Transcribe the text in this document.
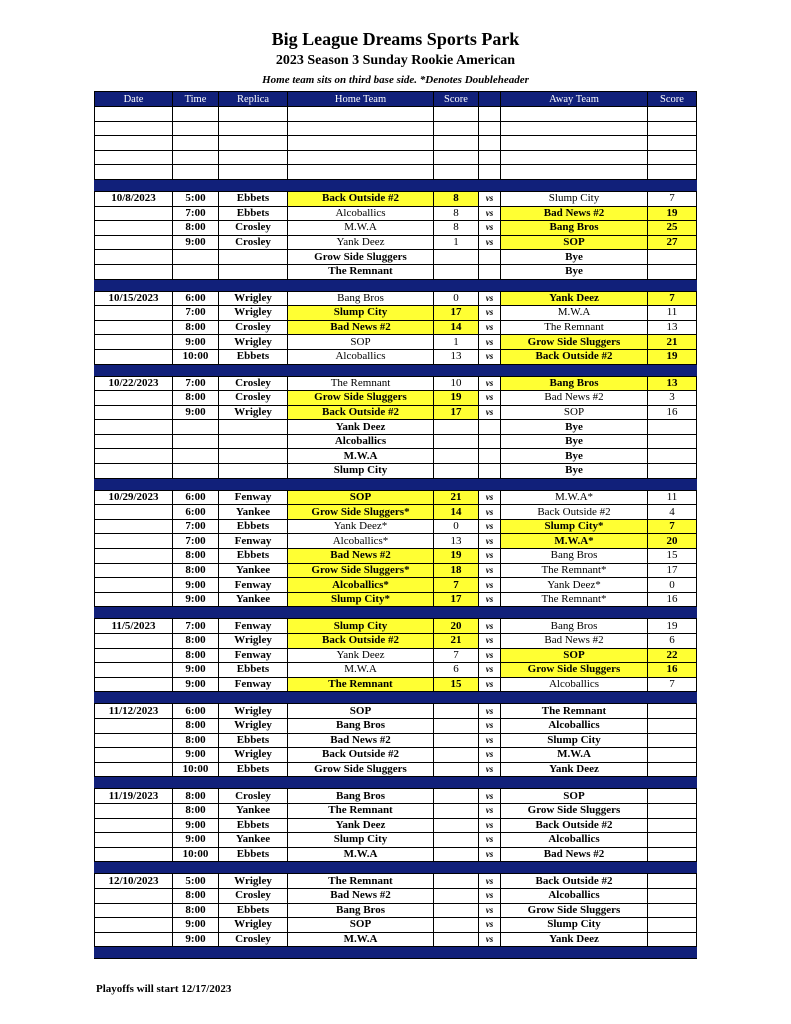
Big League Dreams Sports Park
2023 Season 3 Sunday Rookie American
Home team sits on third base side. *Denotes Doubleheader
Date	Time	Replica	Home Team	Score		Away Team	Score

10/8/2023	5:00	Ebbets	Back Outside #2	8	vs	Slump City	7
	7:00	Ebbets	Alcoballics	8	vs	Bad News #2	19
	8:00	Crosley	M.W.A	8	vs	Bang Bros	25
	9:00	Crosley	Yank Deez	1	vs	SOP	27
			Grow Side Sluggers			Bye	
			The Remnant			Bye	

10/15/2023	6:00	Wrigley	Bang Bros	0	vs	Yank Deez	7
	7:00	Wrigley	Slump City	17	vs	M.W.A	11
	8:00	Crosley	Bad News #2	14	vs	The Remnant	13
	9:00	Wrigley	SOP	1	vs	Grow Side Sluggers	21
	10:00	Ebbets	Alcoballics	13	vs	Back Outside #2	19

10/22/2023	7:00	Crosley	The Remnant	10	vs	Bang Bros	13
	8:00	Crosley	Grow Side Sluggers	19	vs	Bad News #2	3
	9:00	Wrigley	Back Outside #2	17	vs	SOP	16
			Yank Deez			Bye	
			Alcoballics			Bye	
			M.W.A			Bye	
			Slump City			Bye	

10/29/2023	6:00	Fenway	SOP	21	vs	M.W.A*	11
	6:00	Yankee	Grow Side Sluggers*	14	vs	Back Outside #2	4
	7:00	Ebbets	Yank Deez*	0	vs	Slump City*	7
	7:00	Fenway	Alcoballics*	13	vs	M.W.A*	20
	8:00	Ebbets	Bad News #2	19	vs	Bang Bros	15
	8:00	Yankee	Grow Side Sluggers*	18	vs	The Remnant*	17
	9:00	Fenway	Alcoballics*	7	vs	Yank Deez*	0
	9:00	Yankee	Slump City*	17	vs	The Remnant*	16

11/5/2023	7:00	Fenway	Slump City	20	vs	Bang Bros	19
	8:00	Wrigley	Back Outside #2	21	vs	Bad News #2	6
	8:00	Fenway	Yank Deez	7	vs	SOP	22
	9:00	Ebbets	M.W.A	6	vs	Grow Side Sluggers	16
	9:00	Fenway	The Remnant	15	vs	Alcoballics	7

11/12/2023	6:00	Wrigley	SOP		vs	The Remnant	
	8:00	Wrigley	Bang Bros		vs	Alcoballics	
	8:00	Ebbets	Bad News #2		vs	Slump City	
	9:00	Wrigley	Back Outside #2		vs	M.W.A	
	10:00	Ebbets	Grow Side Sluggers		vs	Yank Deez	

11/19/2023	8:00	Crosley	Bang Bros		vs	SOP	
	8:00	Yankee	The Remnant		vs	Grow Side Sluggers	
	9:00	Ebbets	Yank Deez		vs	Back Outside #2	
	9:00	Yankee	Slump City		vs	Alcoballics	
	10:00	Ebbets	M.W.A		vs	Bad News #2	

12/10/2023	5:00	Wrigley	The Remnant		vs	Back Outside #2	
	8:00	Crosley	Bad News #2		vs	Alcoballics	
	8:00	Ebbets	Bang Bros		vs	Grow Side Sluggers	
	9:00	Wrigley	SOP		vs	Slump City	
	9:00	Crosley	M.W.A		vs	Yank Deez	

Playoffs will start 12/17/2023
